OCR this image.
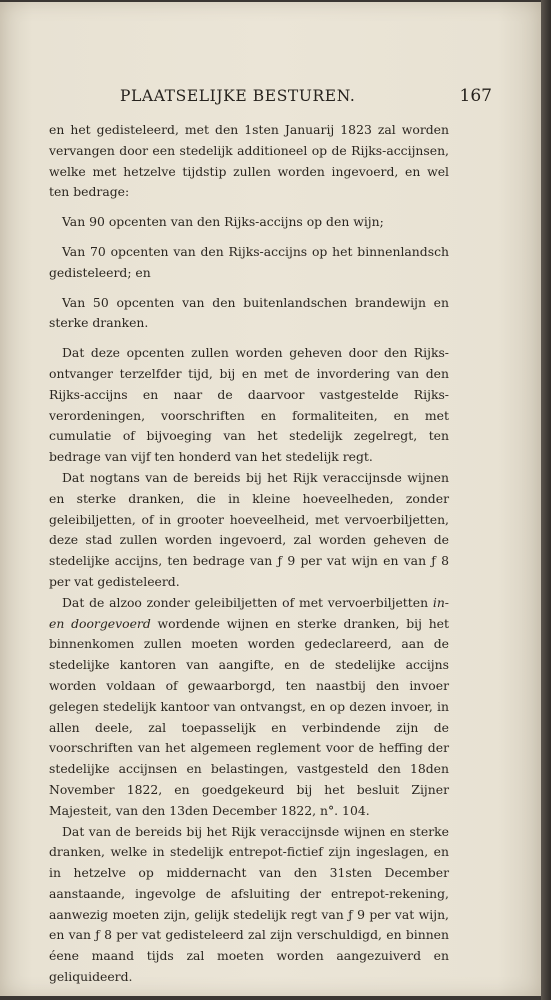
PLAATSELIJKE BESTUREN.	167

en het gedisteleerd, met den 1sten Januarij 1823 zal worden vervangen door een stedelijk additioneel op de Rijks-accijnsen, welke met hetzelve tijdstip zullen worden ingevoerd, en wel ten bedrage:

Van 90 opcenten van den Rijks-accijns op den wijn;

Van 70 opcenten van den Rijks-accijns op het binnenlandsch gedisteleerd; en

Van 50 opcenten van den buitenlandschen brandewijn en sterke dranken.

Dat deze opcenten zullen worden geheven door den Rijks-ontvanger terzelfder tijd, bij en met de invordering van den Rijks-accijns en naar de daarvoor vastgestelde Rijks-verordeningen, voorschriften en formaliteiten, en met cumulatie of bijvoeging van het stedelijk zegelregt, ten bedrage van vijf ten honderd van het stedelijk regt.

Dat nogtans van de bereids bij het Rijk veraccijnsde wijnen en sterke dranken, die in kleine hoeveelheden, zonder geleibiljetten, of in grooter hoeveelheid, met vervoerbiljetten, deze stad zullen worden ingevoerd, zal worden geheven de stedelijke accijns, ten bedrage van ƒ 9 per vat wijn en van ƒ 8 per vat gedisteleerd.

Dat de alzoo zonder geleibiljetten of met vervoerbiljetten in- en doorgevoerd wordende wijnen en sterke dranken, bij het binnenkomen zullen moeten worden gedeclareerd, aan de stedelijke kantoren van aangifte, en de stedelijke accijns worden voldaan of gewaarborgd, ten naastbij den invoer gelegen stedelijk kantoor van ontvangst, en op dezen invoer, in allen deele, zal toepasselijk en verbindende zijn de voorschriften van het algemeen reglement voor de heffing der stedelijke accijnsen en belastingen, vastgesteld den 18den November 1822, en goedgekeurd bij het besluit Zijner Majesteit, van den 13den December 1822, n°. 104.

Dat van de bereids bij het Rijk veraccijnsde wijnen en sterke dranken, welke in stedelijk entrepot-fictief zijn ingeslagen, en in hetzelve op middernacht van den 31sten December aanstaande, ingevolge de afsluiting der entrepot-rekening, aanwezig moeten zijn, gelijk stedelijk regt van ƒ 9 per vat wijn, en van ƒ 8 per vat gedisteleerd zal zijn verschuldigd, en binnen éene maand tijds zal moeten worden aangezuiverd en geliquideerd.
